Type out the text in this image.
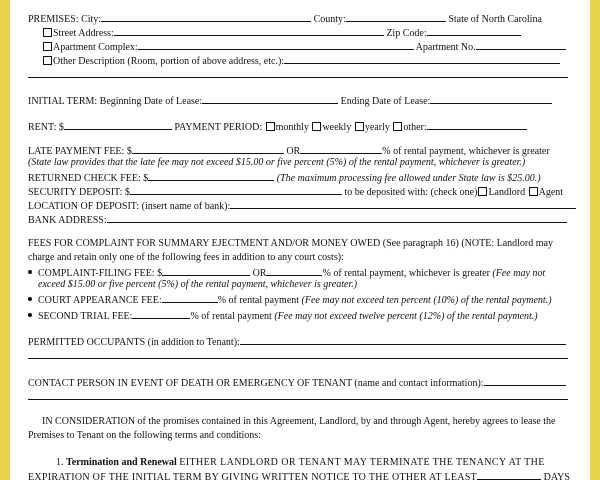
PREMISES: City:	County:	State of North Carolina
Street Address:	Zip Code:
Apartment Complex:	Apartment No.
Other Description (Room, portion of above address, etc.):
INITIAL TERM: Beginning Date of Lease:	Ending Date of Lease:
RENT: $	PAYMENT PERIOD: monthly weekly yearly other:
LATE PAYMENT FEE: $	OR	% of rental payment, whichever is greater
(State law provides that the late fee may not exceed $15.00 or five percent (5%) of the rental payment, whichever is greater.)
RETURNED CHECK FEE: $	(The maximum processing fee allowed under State law is $25.00.)
SECURITY DEPOSIT: $	to be deposited with: (check one) Landlord Agent
LOCATION OF DEPOSIT: (insert name of bank):
BANK ADDRESS:
FEES FOR COMPLAINT FOR SUMMARY EJECTMENT AND/OR MONEY OWED (See paragraph 16) (NOTE: Landlord may
charge and retain only one of the following fees in addition to any court costs):
COMPLAINT-FILING FEE: $	OR	% of rental payment, whichever is greater (Fee may not
exceed $15.00 or five percent (5%) of the rental payment, whichever is greater.)
COURT APPEARANCE FEE:	% of rental payment (Fee may not exceed ten percent (10%) of the rental payment.)
SECOND TRIAL FEE:	% of rental payment (Fee may not exceed twelve percent (12%) of the rental payment.)
PERMITTED OCCUPANTS (in addition to Tenant):
CONTACT PERSON IN EVENT OF DEATH OR EMERGENCY OF TENANT (name and contact information):
IN CONSIDERATION of the promises contained in this Agreement, Landlord, by and through Agent, hereby agrees to lease the
Premises to Tenant on the following terms and conditions:
1. Termination and Renewal EITHER LANDLORD OR TENANT MAY TERMINATE THE TENANCY AT THE
EXPIRATION OF THE INITIAL TERM BY GIVING WRITTEN NOTICE TO THE OTHER AT LEAST	DAYS
